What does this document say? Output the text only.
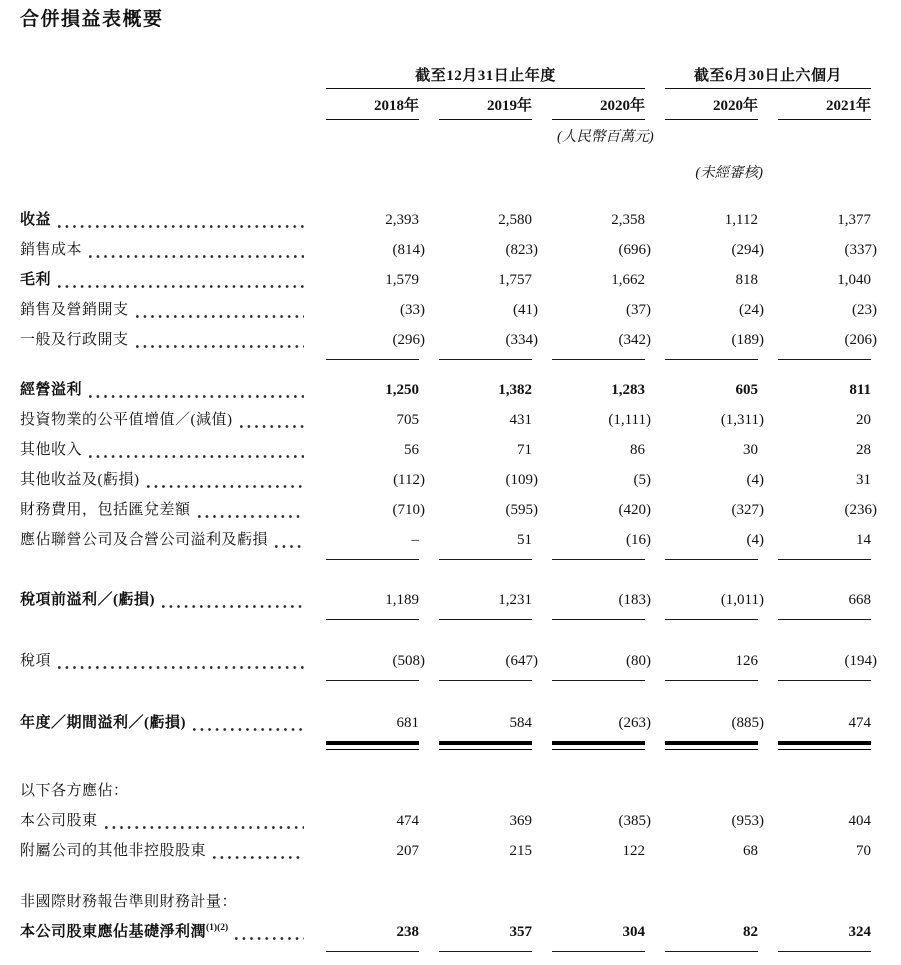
合併損益表概要
截至12月31日止年度	截至6月30日止六個月
2018年	2019年	2020年	2020年	2021年
(人民幣百萬元)
(未經審核)
收益	2,393	2,580	2,358	1,112	1,377
銷售成本	(814)	(823)	(696)	(294)	(337)
毛利	1,579	1,757	1,662	818	1,040
銷售及營銷開支	(33)	(41)	(37)	(24)	(23)
一般及行政開支	(296)	(334)	(342)	(189)	(206)
經營溢利	1,250	1,382	1,283	605	811
投資物業的公平值增值／(減值)	705	431	(1,111)	(1,311)	20
其他收入	56	71	86	30	28
其他收益及(虧損)	(112)	(109)	(5)	(4)	31
財務費用，包括匯兌差額	(710)	(595)	(420)	(327)	(236)
應佔聯營公司及合營公司溢利及虧損	–	51	(16)	(4)	14
稅項前溢利／(虧損)	1,189	1,231	(183)	(1,011)	668
稅項	(508)	(647)	(80)	126	(194)
年度／期間溢利／(虧損)	681	584	(263)	(885)	474
以下各方應佔：
本公司股東	474	369	(385)	(953)	404
附屬公司的其他非控股股東	207	215	122	68	70
非國際財務報告準則財務計量：
本公司股東應佔基礎淨利潤$^{(1)(2)}$	238	357	304	82	324
